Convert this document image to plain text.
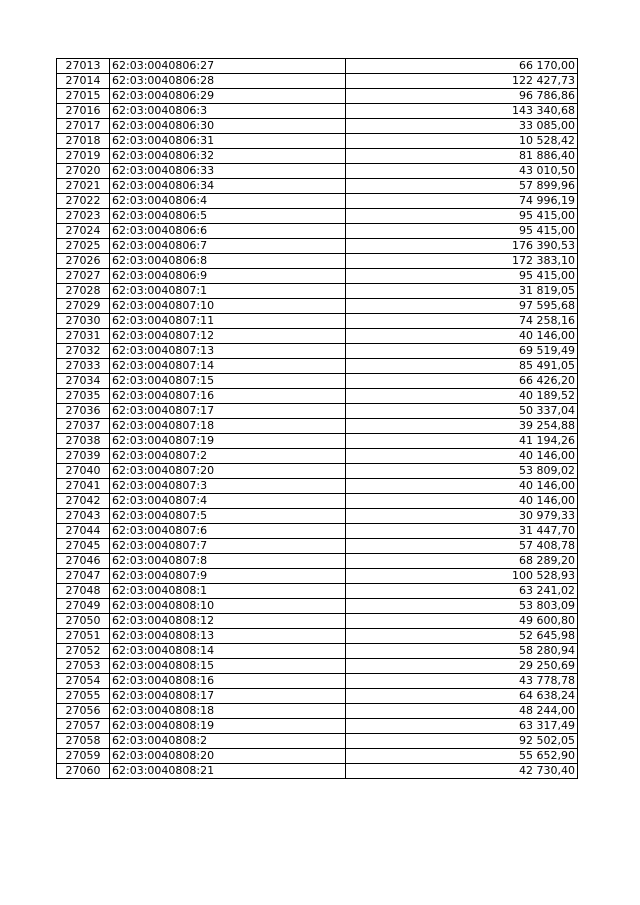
27013	62:03:0040806:27	66 170,00
27014	62:03:0040806:28	122 427,73
27015	62:03:0040806:29	96 786,86
27016	62:03:0040806:3	143 340,68
27017	62:03:0040806:30	33 085,00
27018	62:03:0040806:31	10 528,42
27019	62:03:0040806:32	81 886,40
27020	62:03:0040806:33	43 010,50
27021	62:03:0040806:34	57 899,96
27022	62:03:0040806:4	74 996,19
27023	62:03:0040806:5	95 415,00
27024	62:03:0040806:6	95 415,00
27025	62:03:0040806:7	176 390,53
27026	62:03:0040806:8	172 383,10
27027	62:03:0040806:9	95 415,00
27028	62:03:0040807:1	31 819,05
27029	62:03:0040807:10	97 595,68
27030	62:03:0040807:11	74 258,16
27031	62:03:0040807:12	40 146,00
27032	62:03:0040807:13	69 519,49
27033	62:03:0040807:14	85 491,05
27034	62:03:0040807:15	66 426,20
27035	62:03:0040807:16	40 189,52
27036	62:03:0040807:17	50 337,04
27037	62:03:0040807:18	39 254,88
27038	62:03:0040807:19	41 194,26
27039	62:03:0040807:2	40 146,00
27040	62:03:0040807:20	53 809,02
27041	62:03:0040807:3	40 146,00
27042	62:03:0040807:4	40 146,00
27043	62:03:0040807:5	30 979,33
27044	62:03:0040807:6	31 447,70
27045	62:03:0040807:7	57 408,78
27046	62:03:0040807:8	68 289,20
27047	62:03:0040807:9	100 528,93
27048	62:03:0040808:1	63 241,02
27049	62:03:0040808:10	53 803,09
27050	62:03:0040808:12	49 600,80
27051	62:03:0040808:13	52 645,98
27052	62:03:0040808:14	58 280,94
27053	62:03:0040808:15	29 250,69
27054	62:03:0040808:16	43 778,78
27055	62:03:0040808:17	64 638,24
27056	62:03:0040808:18	48 244,00
27057	62:03:0040808:19	63 317,49
27058	62:03:0040808:2	92 502,05
27059	62:03:0040808:20	55 652,90
27060	62:03:0040808:21	42 730,40
